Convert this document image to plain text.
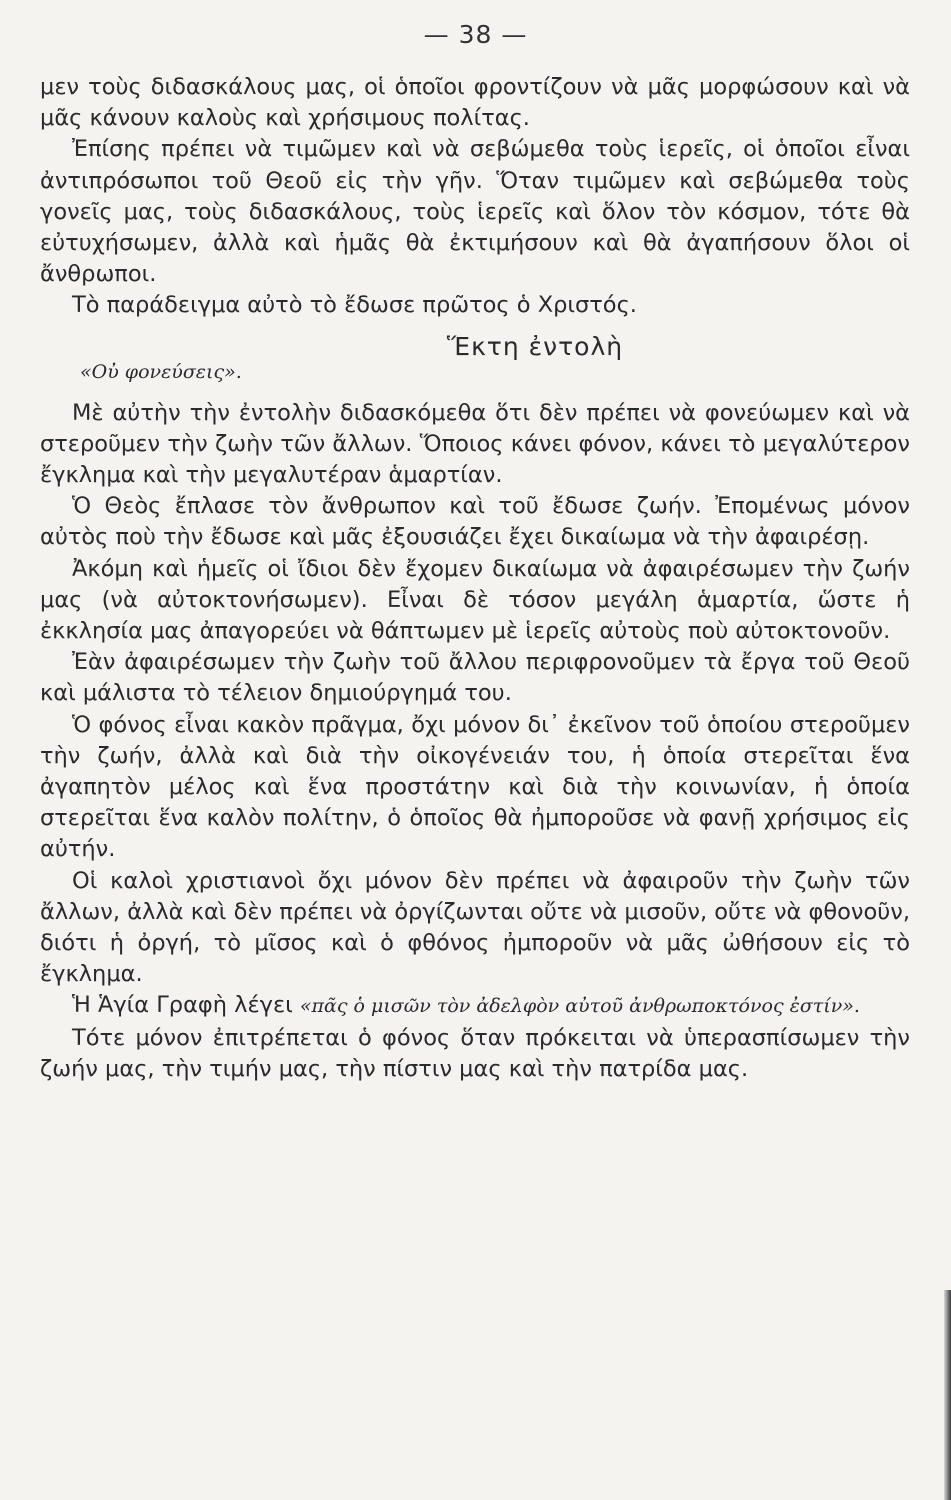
— 38 —

μεν τοὺς διδασκάλους μας, οἱ ὁποῖοι φροντίζουν νὰ μᾶς μορφώσουν καὶ νὰ μᾶς κάνουν καλοὺς καὶ χρήσιμους πολίτας.

Ἐπίσης πρέπει νὰ τιμῶμεν καὶ νὰ σεβώμεθα τοὺς ἱερεῖς, οἱ ὁποῖοι εἶναι ἀντιπρόσωποι τοῦ Θεοῦ εἰς τὴν γῆν. Ὅταν τιμῶμεν καὶ σεβώμεθα τοὺς γονεῖς μας, τοὺς διδασκάλους, τοὺς ἱερεῖς καὶ ὅλον τὸν κόσμον, τότε θὰ εὐτυχήσωμεν, ἀλλὰ καὶ ἡμᾶς θὰ ἐκτιμήσουν καὶ θὰ ἀγαπήσουν ὅλοι οἱ ἄνθρωποι.

Τὸ παράδειγμα αὐτὸ τὸ ἔδωσε πρῶτος ὁ Χριστός.

Ἕκτη ἐντολὴ
«Οὐ φονεύσεις».

Μὲ αὐτὴν τὴν ἐντολὴν διδασκόμεθα ὅτι δὲν πρέπει νὰ φονεύωμεν καὶ νὰ στεροῦμεν τὴν ζωὴν τῶν ἄλλων. Ὅποιος κάνει φόνον, κάνει τὸ μεγαλύτερον ἔγκλημα καὶ τὴν μεγαλυτέραν ἁμαρτίαν.

Ὁ Θεὸς ἔπλασε τὸν ἄνθρωπον καὶ τοῦ ἔδωσε ζωήν. Ἐπομένως μόνον αὐτὸς ποὺ τὴν ἔδωσε καὶ μᾶς ἐξουσιάζει ἔχει δικαίωμα νὰ τὴν ἀφαιρέσῃ.

Ἀκόμη καὶ ἡμεῖς οἱ ἴδιοι δὲν ἔχομεν δικαίωμα νὰ ἀφαιρέσωμεν τὴν ζωήν μας (νὰ αὐτοκτονήσωμεν). Εἶναι δὲ τόσον μεγάλη ἁμαρτία, ὥστε ἡ ἐκκλησία μας ἀπαγορεύει νὰ θάπτωμεν μὲ ἱερεῖς αὐτοὺς ποὺ αὐτοκτονοῦν.

Ἐὰν ἀφαιρέσωμεν τὴν ζωὴν τοῦ ἄλλου περιφρονοῦμεν τὰ ἔργα τοῦ Θεοῦ καὶ μάλιστα τὸ τέλειον δημιούργημά του.

Ὁ φόνος εἶναι κακὸν πρᾶγμα, ὄχι μόνον δι᾽ ἐκεῖνον τοῦ ὁποίου στεροῦμεν τὴν ζωήν, ἀλλὰ καὶ διὰ τὴν οἰκογένειάν του, ἡ ὁποία στερεῖται ἕνα ἀγαπητὸν μέλος καὶ ἕνα προστάτην καὶ διὰ τὴν κοινωνίαν, ἡ ὁποία στερεῖται ἕνα καλὸν πολίτην, ὁ ὁποῖος θὰ ἠμποροῦσε νὰ φανῇ χρήσιμος εἰς αὐτήν.

Οἱ καλοὶ χριστιανοὶ ὄχι μόνον δὲν πρέπει νὰ ἀφαιροῦν τὴν ζωὴν τῶν ἄλλων, ἀλλὰ καὶ δὲν πρέπει νὰ ὀργίζωνται οὔτε νὰ μισοῦν, οὔτε νὰ φθονοῦν, διότι ἡ ὀργή, τὸ μῖσος καὶ ὁ φθόνος ἠμποροῦν νὰ μᾶς ὠθήσουν εἰς τὸ ἔγκλημα.

Ἡ Ἁγία Γραφὴ λέγει «πᾶς ὁ μισῶν τὸν ἀδελφὸν αὐτοῦ ἀνθρωποκτόνος ἐστίν».

Τότε μόνον ἐπιτρέπεται ὁ φόνος ὅταν πρόκειται νὰ ὑπερασπίσωμεν τὴν ζωήν μας, τὴν τιμήν μας, τὴν πίστιν μας καὶ τὴν πατρίδα μας.
